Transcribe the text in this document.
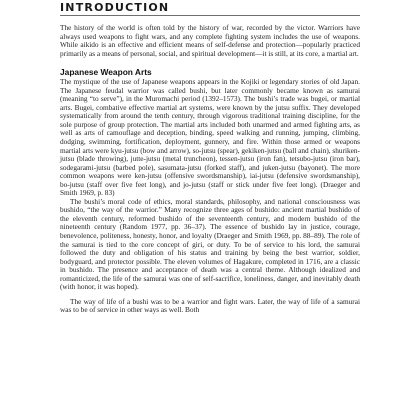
INTRODUCTION

The history of the world is often told by the history of war, recorded by the victor. Warriors have always used weapons to fight wars, and any complete fighting system includes the use of weapons. While aikido is an effective and efficient means of self-defense and protection—popularly practiced primarily as a means of personal, social, and spiritual development—it is still, at its core, a martial art.

Japanese Weapon Arts

The mystique of the use of Japanese weapons appears in the Kojiki or legendary stories of old Japan. The Japanese feudal warrior was called bushi, but later commonly became known as samurai (meaning “to serve”), in the Muromachi period (1392–1573). The bushi’s trade was bugei, or martial arts. Bugei, combative effective martial art systems, were known by the jutsu suffix. They developed systematically from around the tenth century, through vigorous traditional training discipline, for the sole purpose of group protection. The martial arts included both unarmed and armed fighting arts, as well as arts of camouflage and deception, binding, speed walking and running, jumping, climbing, dodging, swimming, fortification, deployment, gunnery, and fire. Within those armed or weapons martial arts were kyu-jutsu (bow and arrow), so-jutsu (spear), gekiken-jutsu (ball and chain), shuriken-jutsu (blade throwing), jutte-jutsu (metal truncheon), tessen-jutsu (iron fan), tetsubo-jutsu (iron bar), sodegarami-jutsu (barbed pole), sasumata-jutsu (forked staff), and juken-jutsu (bayonet). The more common weapons were ken-jutsu (offensive swordsmanship), iai-jutsu (defensive swordsmanship), bo-jutsu (staff over five feet long), and jo-jutsu (staff or stick under five feet long). (Draeger and Smith 1969, p. 83)

The bushi’s moral code of ethics, moral standards, philosophy, and national consciousness was bushido, “the way of the warrior.” Many recognize three ages of bushido: ancient martial bushido of the eleventh century, reformed bushido of the seventeenth century, and modern bushido of the nineteenth century (Random 1977, pp. 36–37). The essence of bushido lay in justice, courage, benevolence, politeness, honesty, honor, and loyalty (Draeger and Smith 1969, pp. 88–89). The role of the samurai is tied to the core concept of giri, or duty. To be of service to his lord, the samurai followed the duty and obligation of his status and training by being the best warrior, soldier, bodyguard, and protector possible. The eleven volumes of Hagakure, completed in 1716, are a classic in bushido. The presence and acceptance of death was a central theme. Although idealized and romanticized, the life of the samurai was one of self-sacrifice, loneliness, danger, and inevitably death (with honor, it was hoped).

The way of life of a bushi was to be a warrior and fight wars. Later, the way of life of a samurai was to be of service in other ways as well. Both
